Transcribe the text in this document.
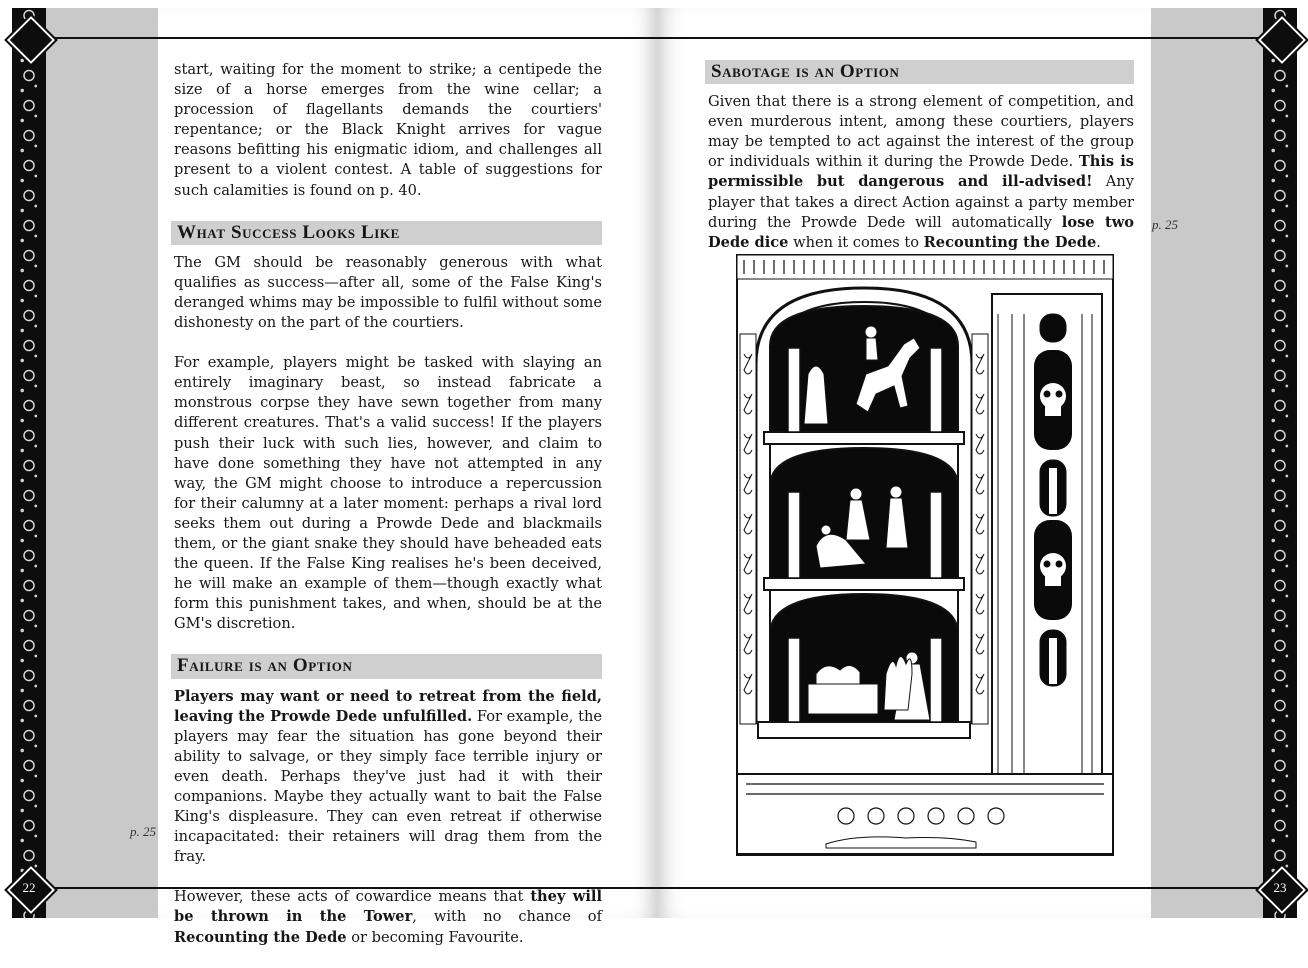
22

start, waiting for the moment to strike; a centipede the size of a horse emerges from the wine cellar; a procession of flagellants demands the courtiers' repentance; or the Black Knight arrives for vague reasons befitting his enigmatic idiom, and challenges all present to a violent contest. A table of suggestions for such calamities is found on p. 40.

What Success Looks Like

The GM should be reasonably generous with what qualifies as success—after all, some of the False King's deranged whims may be impossible to fulfil without some dishonesty on the part of the courtiers.

For example, players might be tasked with slaying an entirely imaginary beast, so instead fabricate a monstrous corpse they have sewn together from many different creatures. That's a valid success! If the players push their luck with such lies, however, and claim to have done something they have not attempted in any way, the GM might choose to introduce a repercussion for their calumny at a later moment: perhaps a rival lord seeks them out during a Prowde Dede and blackmails them, or the giant snake they should have beheaded eats the queen. If the False King realises he's been deceived, he will make an example of them—though exactly what form this punishment takes, and when, should be at the GM's discretion.

Failure is an Option

Players may want or need to retreat from the field, leaving the Prowde Dede unfulfilled. For example, the players may fear the situation has gone beyond their ability to salvage, or they simply face terrible injury or even death. Perhaps they've just had it with their companions. Maybe they actually want to bait the False King's displeasure. They can even retreat if otherwise incapacitated: their retainers will drag them from the fray.

However, these acts of cowardice means that they will be thrown in the Tower, with no chance of Recounting the Dede or becoming Favourite.

p. 25
23
Sabotage is an Option

Given that there is a strong element of competition, and even murderous intent, among these courtiers, players may be tempted to act against the interest of the group or individuals within it during the Prowde Dede. This is permissible but dangerous and ill-advised! Any player that takes a direct Action against a party member during the Prowde Dede will automatically lose two Dede dice when it comes to Recounting the Dede.

p. 25
